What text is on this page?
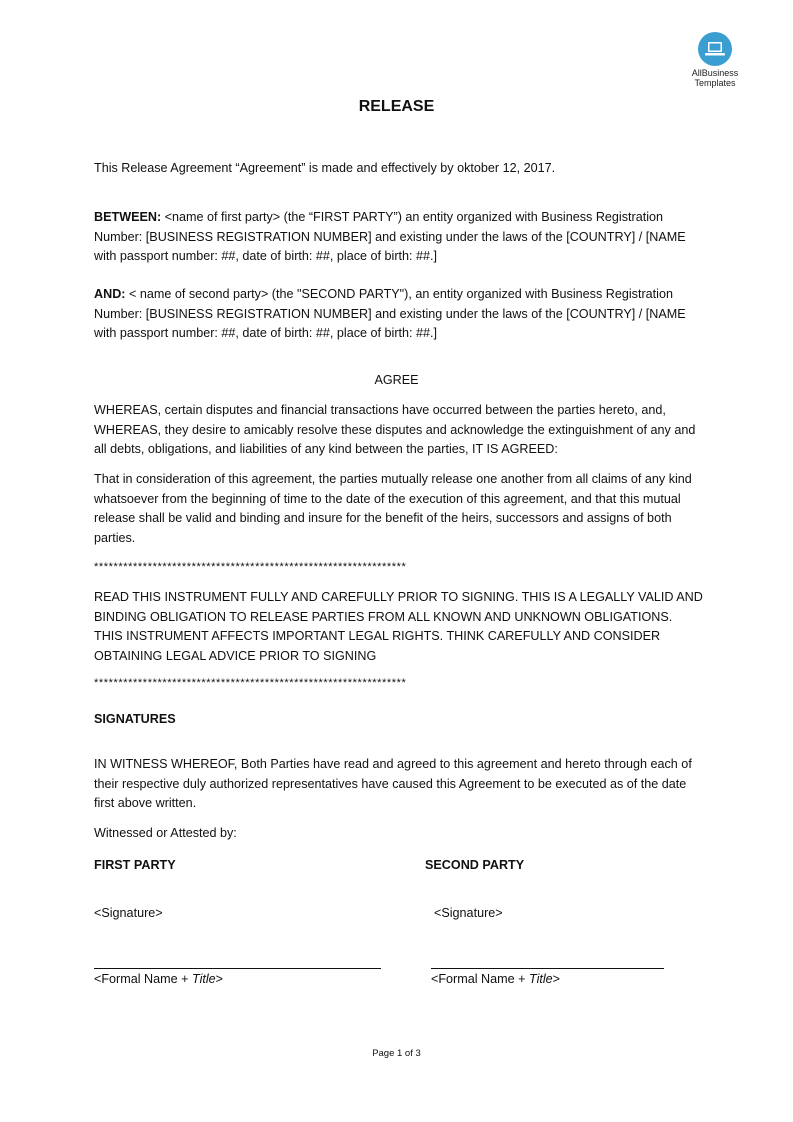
AllBusiness
Templates
RELEASE
This Release Agreement “Agreement” is made and effectively by oktober 12, 2017.
BETWEEN: <name of first party> (the “FIRST PARTY”) an entity organized with Business Registration Number: [BUSINESS REGISTRATION NUMBER] and existing under the laws of the [COUNTRY] / [NAME with passport number: ##, date of birth: ##, place of birth: ##.]
AND: < name of second party> (the "SECOND PARTY"), an entity organized with Business Registration Number: [BUSINESS REGISTRATION NUMBER] and existing under the laws of the [COUNTRY] / [NAME with passport number: ##, date of birth: ##, place of birth: ##.]
AGREE
WHEREAS, certain disputes and financial transactions have occurred between the parties hereto, and, WHEREAS, they desire to amicably resolve these disputes and acknowledge the extinguishment of any and all debts, obligations, and liabilities of any kind between the parties, IT IS AGREED:
That in consideration of this agreement, the parties mutually release one another from all claims of any kind whatsoever from the beginning of time to the date of the execution of this agreement, and that this mutual release shall be valid and binding and insure for the benefit of the heirs, successors and assigns of both parties.
****************************************************************
READ THIS INSTRUMENT FULLY AND CAREFULLY PRIOR TO SIGNING. THIS IS A LEGALLY VALID AND BINDING OBLIGATION TO RELEASE PARTIES FROM ALL KNOWN AND UNKNOWN OBLIGATIONS. THIS INSTRUMENT AFFECTS IMPORTANT LEGAL RIGHTS. THINK CAREFULLY AND CONSIDER OBTAINING LEGAL ADVICE PRIOR TO SIGNING
****************************************************************
SIGNATURES
IN WITNESS WHEREOF, Both Parties have read and agreed to this agreement and hereto through each of their respective duly authorized representatives have caused this Agreement to be executed as of the date first above written.
Witnessed or Attested by:
FIRST PARTY	SECOND PARTY
<Signature>	<Signature>
<Formal Name + Title>	<Formal Name + Title>
Page 1 of 3
